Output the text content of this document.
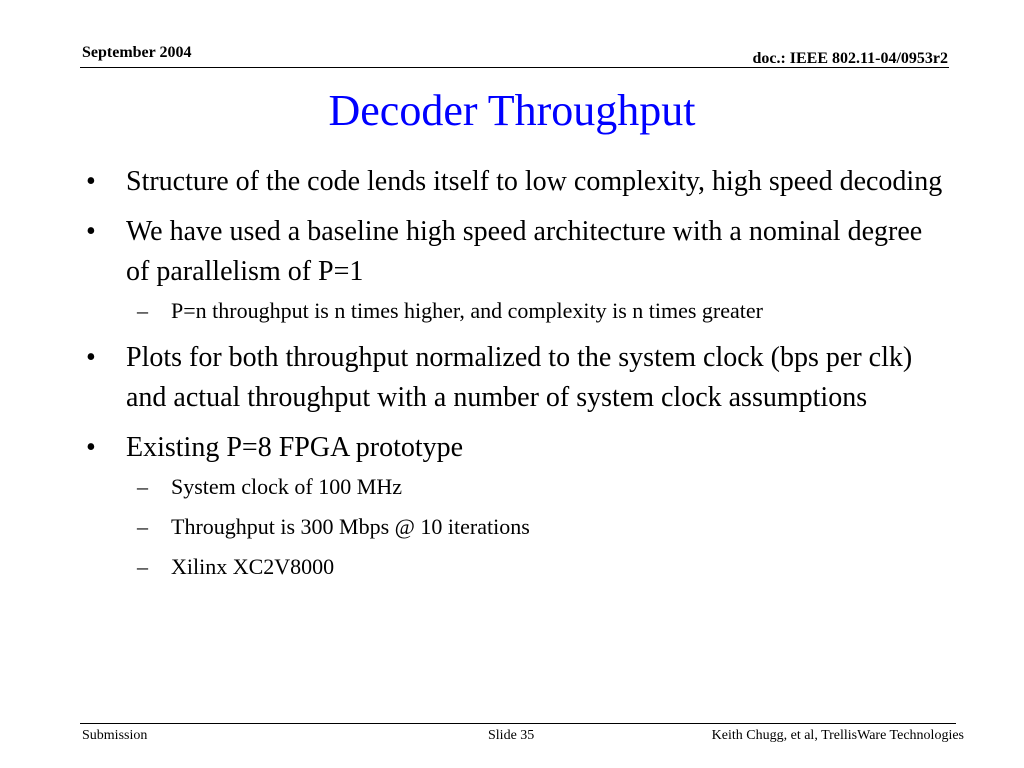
September 2004	doc.: IEEE 802.11-04/0953r2
Decoder Throughput
• Structure of the code lends itself to low complexity, high speed decoding
• We have used a baseline high speed architecture with a nominal degree of parallelism of P=1
– P=n throughput is n times higher, and complexity is n times greater
• Plots for both throughput normalized to the system clock (bps per clk) and actual throughput with a number of system clock assumptions
• Existing P=8 FPGA prototype
– System clock of 100 MHz
– Throughput is 300 Mbps @ 10 iterations
– Xilinx XC2V8000
Submission	Slide 35	Keith Chugg, et al, TrellisWare Technologies
